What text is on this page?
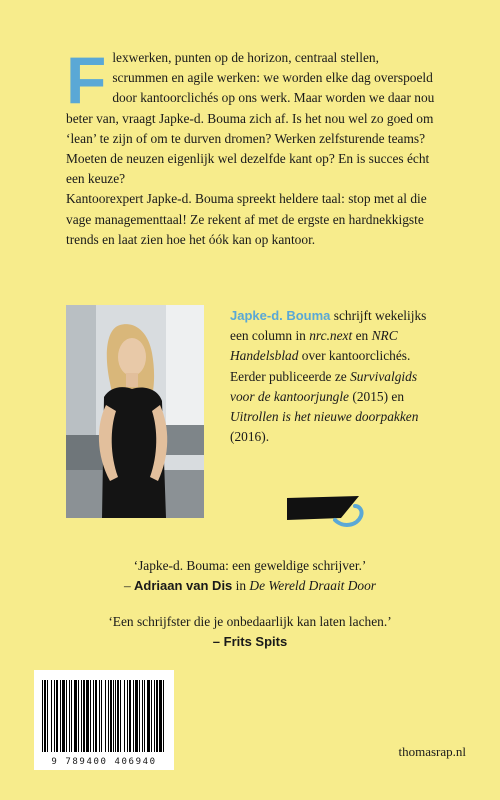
F lexwerken, punten op de horizon, centraal stellen, scrummen en agile werken: we worden elke dag overspoeld door kantoorclichés op ons werk. Maar worden we daar nou beter van, vraagt Japke-d. Bouma zich af. Is het nou wel zo goed om ‘lean’ te zijn of om te durven dromen? Werken zelfsturende teams? Moeten de neuzen eigenlijk wel dezelfde kant op? En is succes écht een keuze?

Kantoorexpert Japke-d. Bouma spreekt heldere taal: stop met al die vage managementtaal! Ze rekent af met de ergste en hardnekkigste trends en laat zien hoe het óók kan op kantoor.

Japke-d. Bouma schrijft wekelijks een column in nrc.next en NRC Handelsblad over kantoorclichés. Eerder publiceerde ze Survivalgids voor de kantoorjungle (2015) en Uitrollen is het nieuwe doorpakken (2016).
‘Japke-d. Bouma: een geweldige schrijver.’
– Adriaan van Dis in De Wereld Draait Door
‘Een schrijfster die je onbedaarlijk kan laten lachen.’
– Frits Spits
9 789400 406940
thomasrap.nl
